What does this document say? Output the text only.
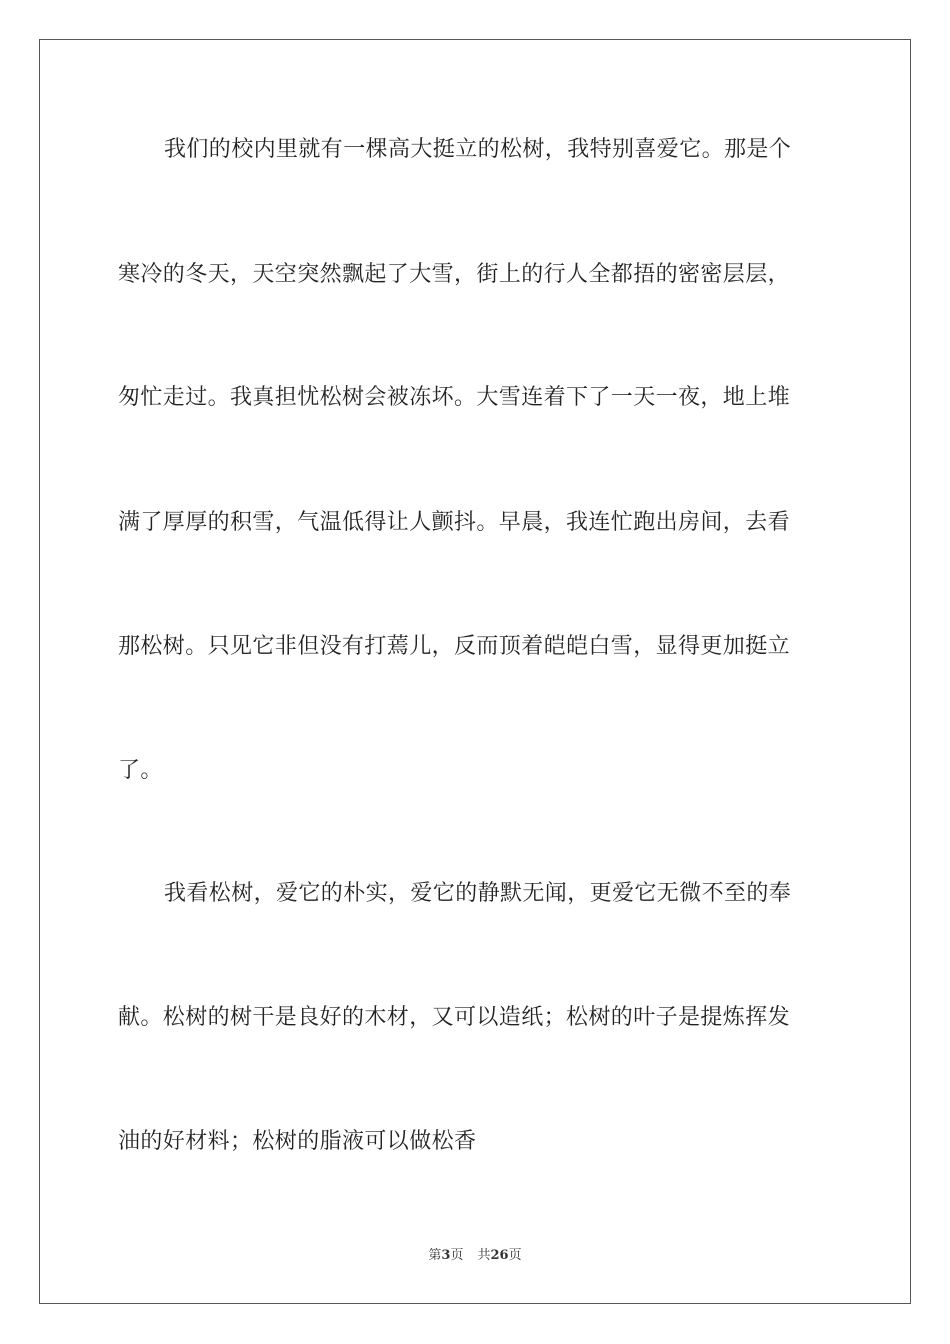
我们的校内里就有一棵高大挺立的松树，我特别喜爱它。那是个
寒冷的冬天，天空突然飘起了大雪，街上的行人全都捂的密密层层，
匆忙走过。我真担忧松树会被冻坏。大雪连着下了一天一夜，地上堆
满了厚厚的积雪，气温低得让人颤抖。早晨，我连忙跑出房间，去看
那松树。只见它非但没有打蔫儿，反而顶着皑皑白雪，显得更加挺立
了。
我看松树，爱它的朴实，爱它的静默无闻，更爱它无微不至的奉
献。松树的树干是良好的木材，又可以造纸；松树的叶子是提炼挥发
油的好材料；松树的脂液可以做松香
第3页 共26页
